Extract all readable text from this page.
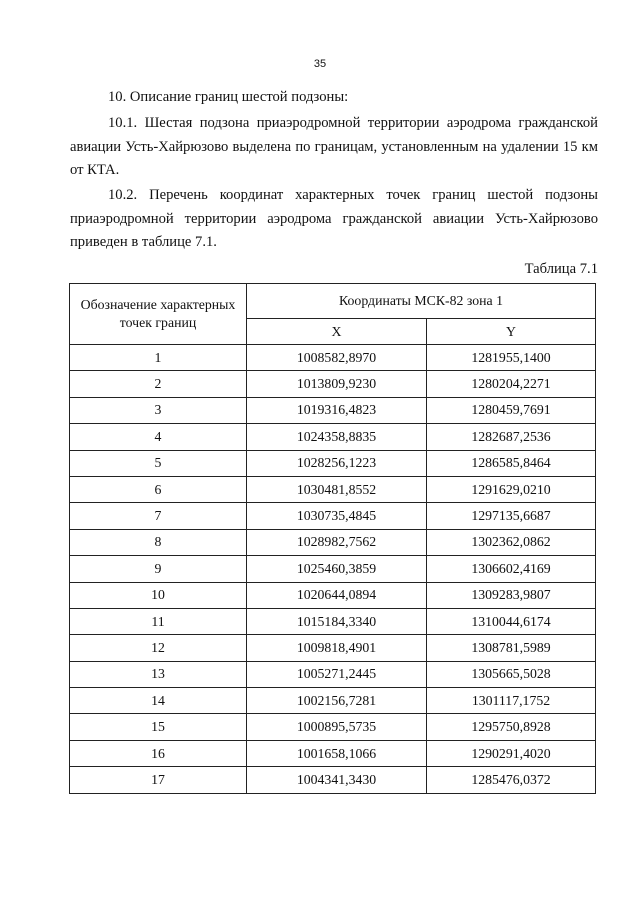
35

10. Описание границ шестой подзоны:

10.1. Шестая подзона приаэродромной территории аэродрома гражданской авиации Усть-Хайрюзово выделена по границам, установленным на удалении 15 км от КТА.

10.2. Перечень координат характерных точек границ шестой подзоны приаэродромной территории аэродрома гражданской авиации Усть-Хайрюзово приведен в таблице 7.1.

Таблица 7.1
Обозначение характерных точек границ	Координаты МСК-82 зона 1	
	X	Y
1	1008582,8970	1281955,1400
2	1013809,9230	1280204,2271
3	1019316,4823	1280459,7691
4	1024358,8835	1282687,2536
5	1028256,1223	1286585,8464
6	1030481,8552	1291629,0210
7	1030735,4845	1297135,6687
8	1028982,7562	1302362,0862
9	1025460,3859	1306602,4169
10	1020644,0894	1309283,9807
11	1015184,3340	1310044,6174
12	1009818,4901	1308781,5989
13	1005271,2445	1305665,5028
14	1002156,7281	1301117,1752
15	1000895,5735	1295750,8928
16	1001658,1066	1290291,4020
17	1004341,3430	1285476,0372
